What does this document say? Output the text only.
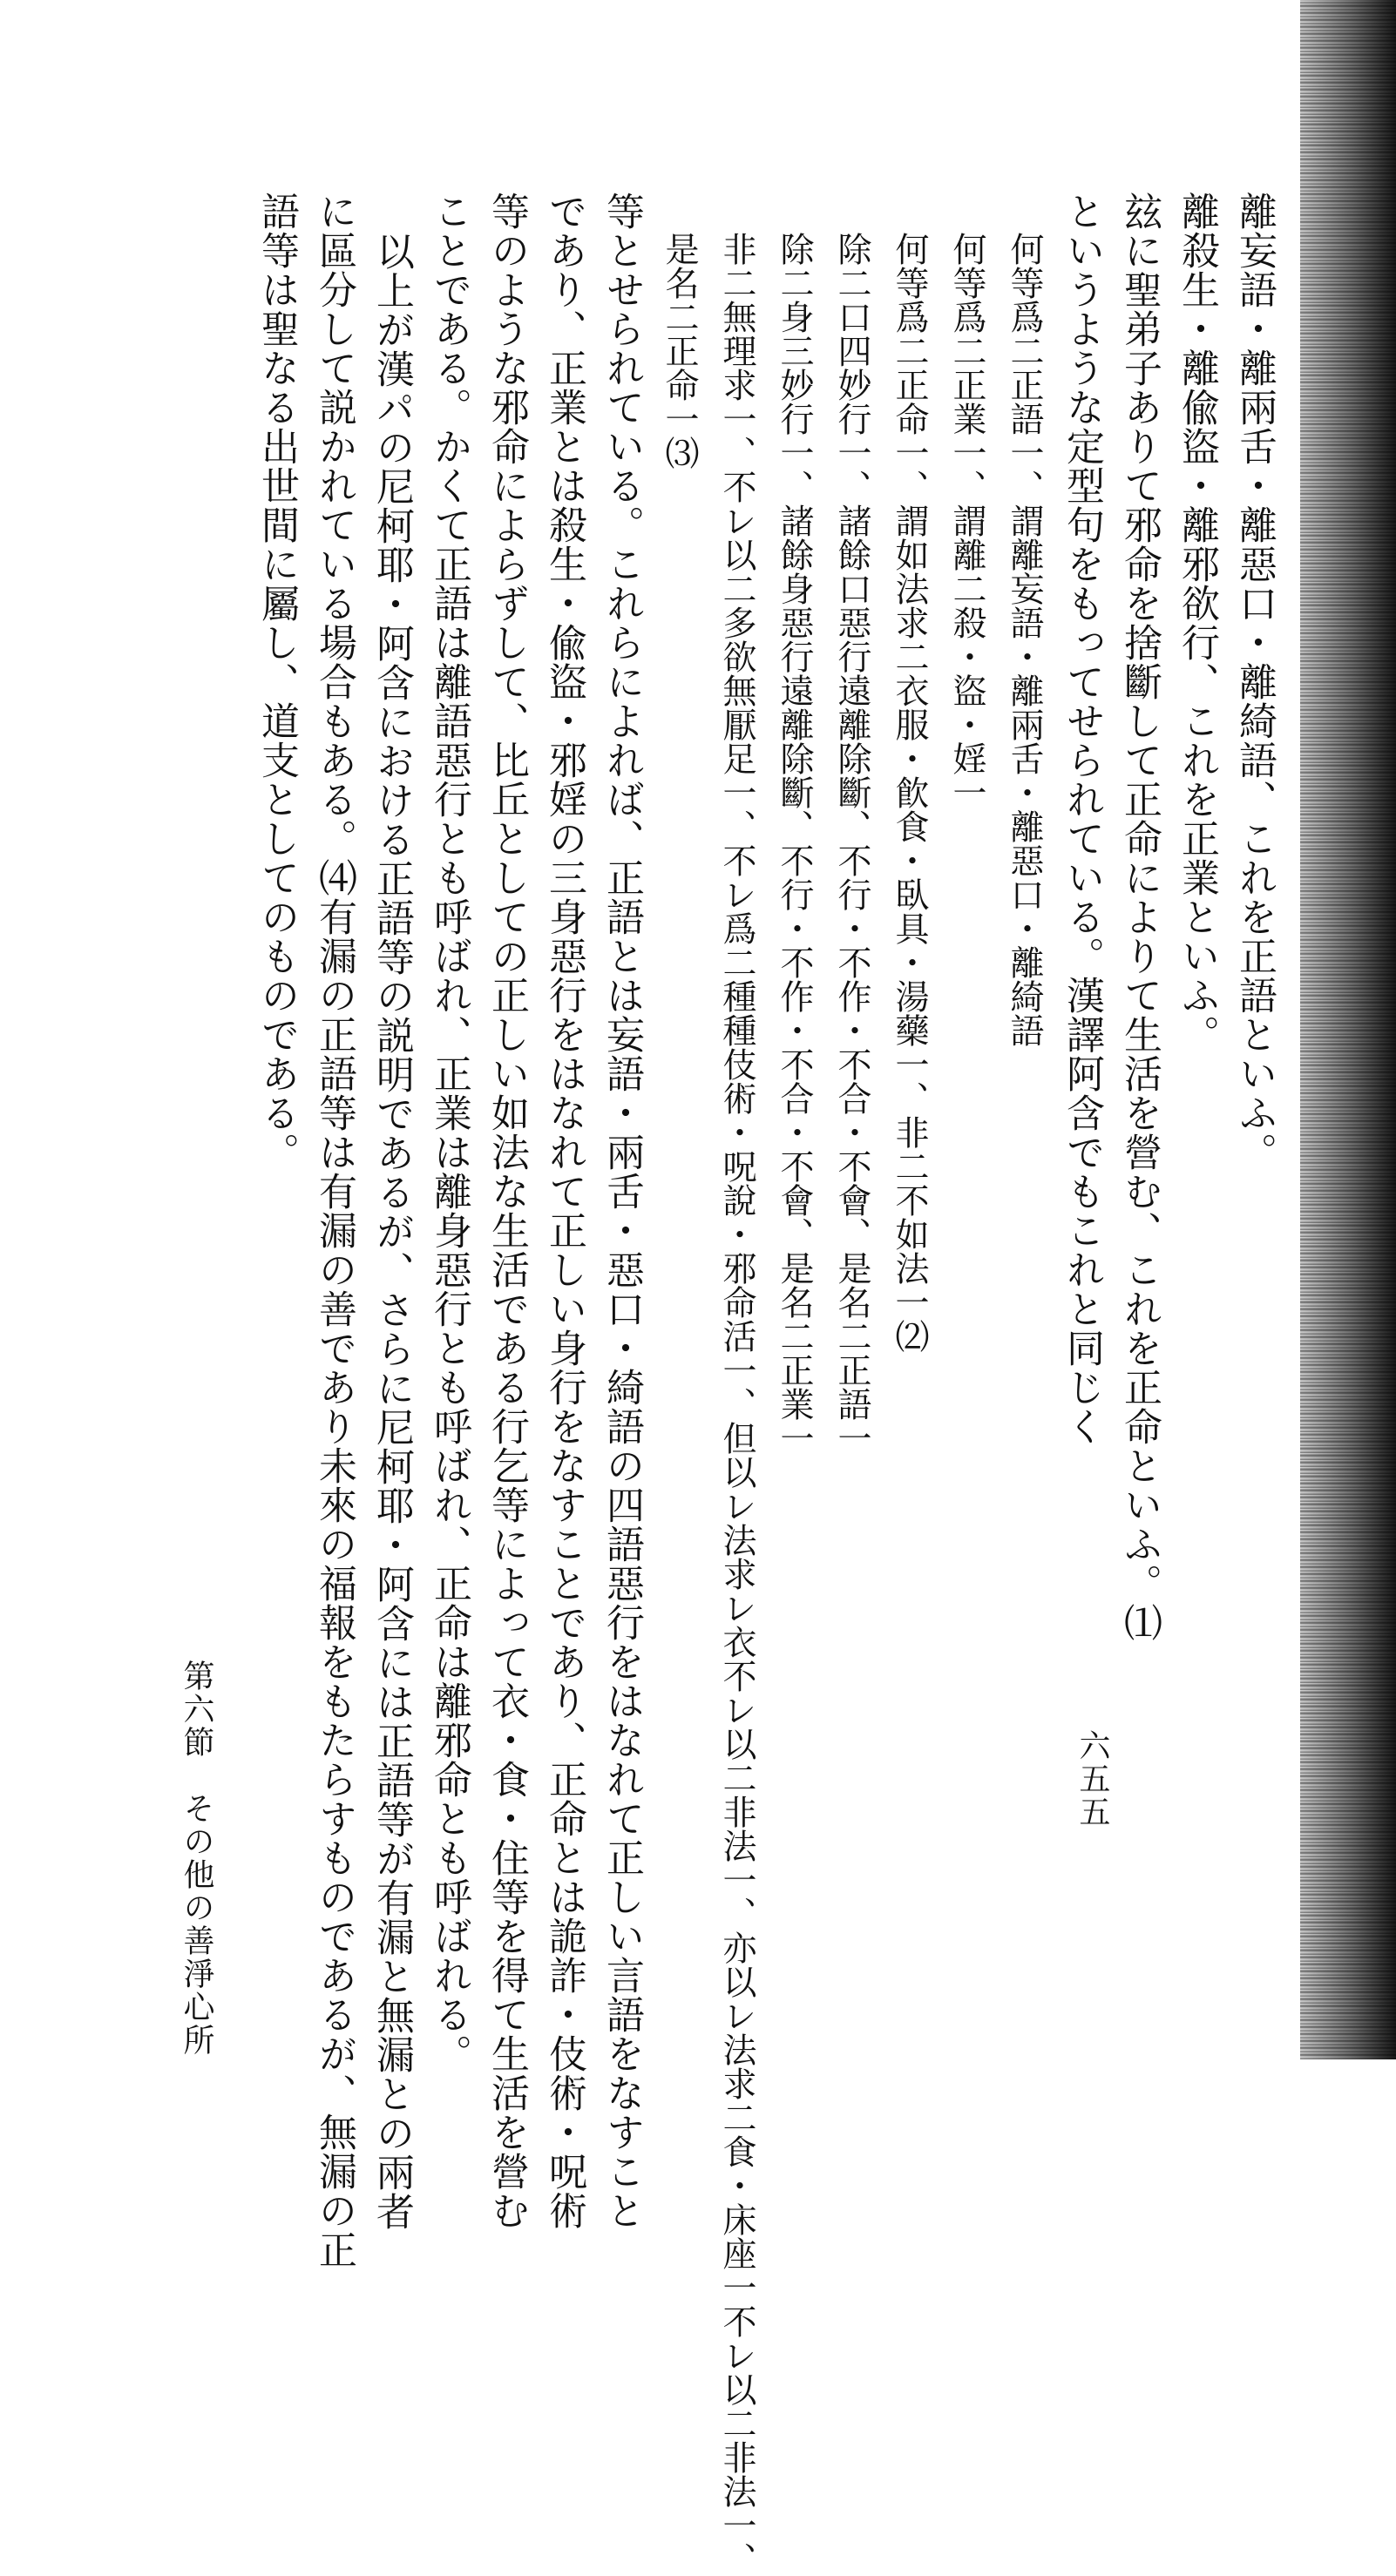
離妄語・離兩舌・離惡口・離綺語、これを正語といふ。
離殺生・離偸盜・離邪欲行、これを正業といふ。
玆に聖弟子ありて邪命を捨斷して正命によりて生活を營む、これを正命といふ。⑴
というような定型句をもってせられている。漢譯阿含でもこれと同じく
何等爲二正語一、謂離妄語・離兩舌・離惡口・離綺語
何等爲二正業一、謂離二殺・盜・婬一
何等爲二正命一、謂如法求二衣服・飮食・臥具・湯藥一、非二不如法一⑵
除二口四妙行一、諸餘口惡行遠離除斷、不行・不作・不合・不會、是名二正語一
除二身三妙行一、諸餘身惡行遠離除斷、不行・不作・不合・不會、是名二正業一
非二無理求一、不レ以二多欲無厭足一、不レ爲二種種伎術・呪說・邪命活一、但以レ法求レ衣不レ以二非法一、亦以レ法求二食・床座一不レ以二非法一、
是名二正命一⑶
等とせられている。これらによれば、正語とは妄語・兩舌・惡口・綺語の四語惡行をはなれて正しい言語をなすこと
であり、正業とは殺生・偸盜・邪婬の三身惡行をはなれて正しい身行をなすことであり、正命とは詭詐・伎術・呪術
等のような邪命によらずして、比丘としての正しい如法な生活である行乞等によって衣・食・住等を得て生活を營む
ことである。かくて正語は離語惡行とも呼ばれ、正業は離身惡行とも呼ばれ、正命は離邪命とも呼ばれる。
以上が漢パの尼柯耶・阿含における正語等の説明であるが、さらに尼柯耶・阿含には正語等が有漏と無漏との兩者
に區分して説かれている場合もある。⑷有漏の正語等は有漏の善であり未來の福報をもたらすものであるが、無漏の正
語等は聖なる出世間に屬し、道支としてのものである。
第六節　その他の善淨心所	六五五
